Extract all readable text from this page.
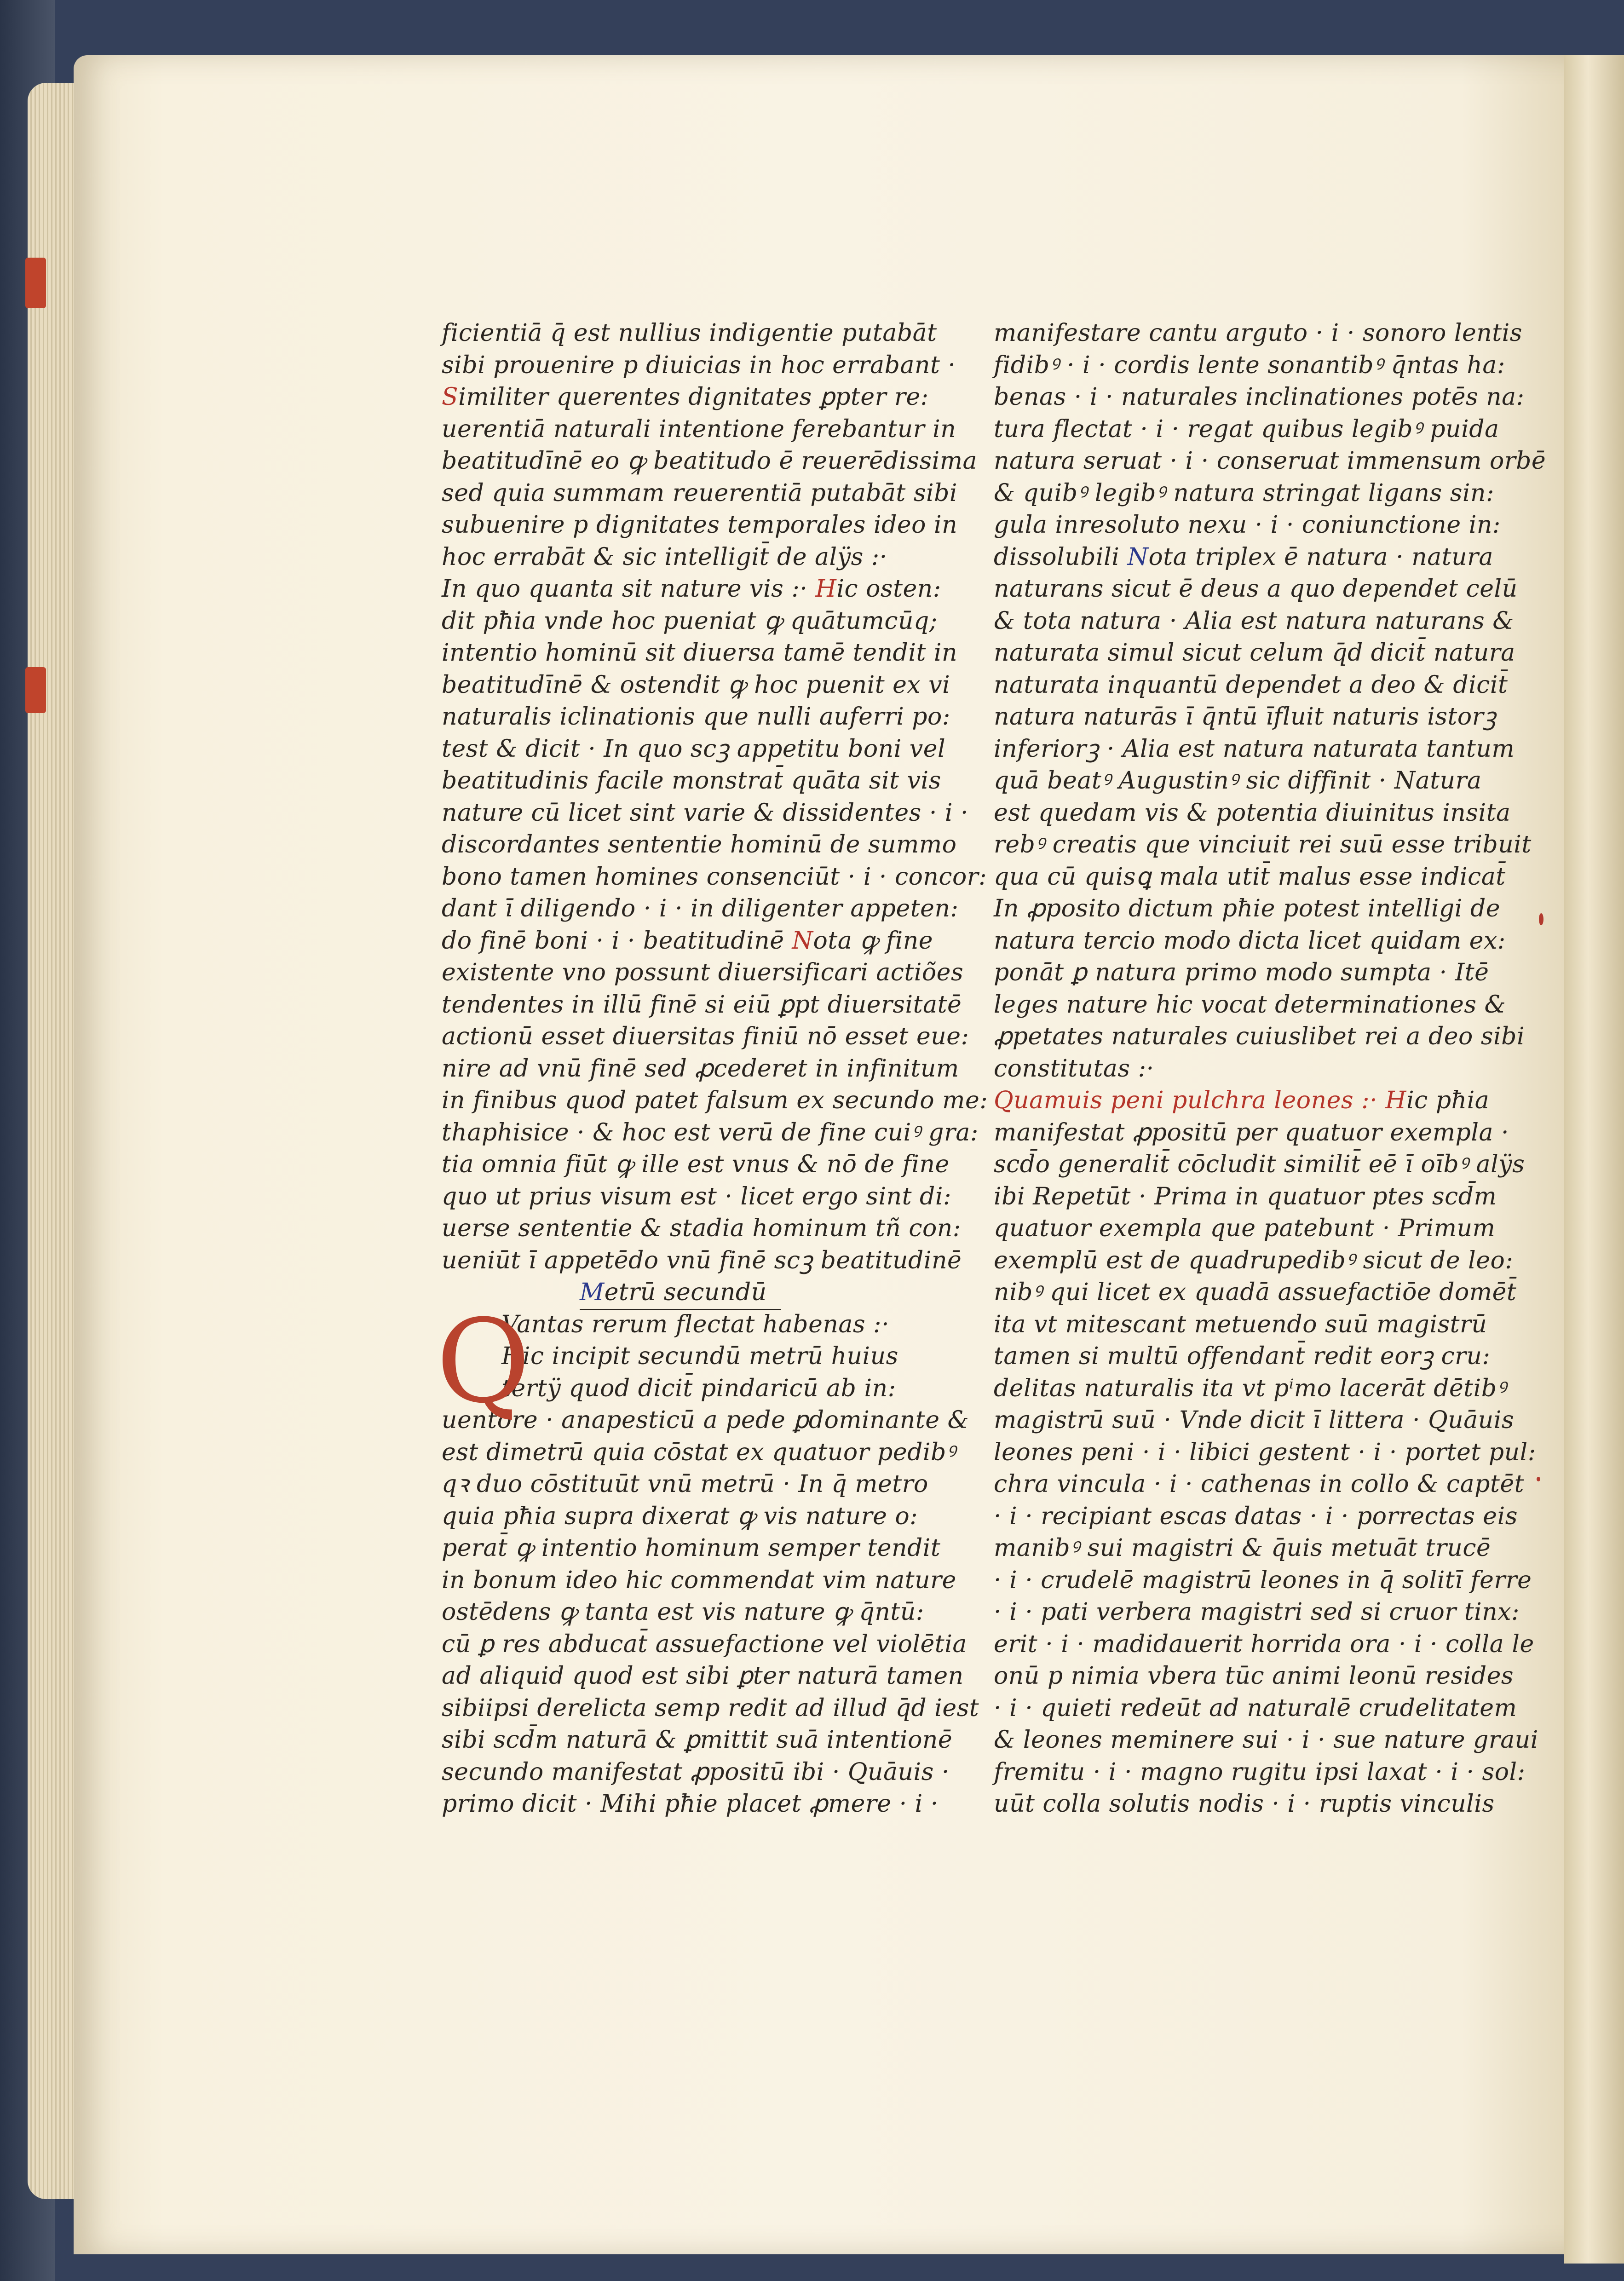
ficientiā q̄ est nullius indigentie putabāt
sibi prouenire p diuicias in hoc errabant ·
Similiter querentes dignitates ꝑpter re:
uerentiā naturali intentione ferebantur in
beatitudīnē eo ꝙ beatitudo ē reuerēdissima
sed quia summam reuerentiā putabāt sibi
subuenire p dignitates temporales ideo in
hoc errabāt & sic intelligit̄ de alÿs :·
In quo quanta sit nature vis :· Hic osten:
dit pħia vnde hoc pueniat ꝙ quātumcūq;
intentio hominū sit diuersa tamē tendit in
beatitudīnē & ostendit ꝙ hoc puenit ex vi
naturalis iclinationis que nulli auferri po:
test & dicit · In quo scꝫ appetitu boni vel
beatitudinis facile monstrat̄ quāta sit vis
nature cū licet sint varie & dissidentes · i ·
discordantes sententie hominū de summo
bono tamen homines consenciūt · i · concor:
dant ī diligendo · i · in diligenter appeten:
do finē boni · i · beatitudinē Nota ꝙ fine
existente vno possunt diuersificari actiões
tendentes in illū finē si eiū ꝑpt diuersitatē
actionū esset diuersitas finiū nō esset eue:
nire ad vnū finē sed ꝓcederet in infinitum
in finibus quod patet falsum ex secundo me:
thaphisice · & hoc est verū de fine cuiꝰ gra:
tia omnia fiūt ꝙ ille est vnus & nō de fine
quo ut prius visum est · licet ergo sint di:
uerse sententie & stadia hominum tñ con:
ueniūt ī appetēdo vnū finē scꝫ beatitudinē
Metrū secundū
Q
Vantas rerum flectat habenas :·
Hic incipit secundū metrū huius
tertÿ quod dicit̄ pindaricū ab in:
uentore · anapesticū a pede ꝑdominante &
est dimetrū quia cōstat ex quatuor pedibꝰ
qꝛ duo cōstituūt vnū metrū · In q̄ metro
quia pħia supra dixerat ꝙ vis nature o:
perat̄ ꝙ intentio hominum semper tendit
in bonum ideo hic commendat vim nature
ostēdens ꝙ tanta est vis nature ꝙ q̄ntū:
cū ꝑ res abducat̄ assuefactione vel violētia
ad aliquid quod est sibi ꝑter naturā tamen
sibiipsi derelicta semp redit ad illud q̄d iest
sibi scd̄m naturā & ꝑmittit suā intentionē
secundo manifestat ꝓpositū ibi · Quāuis ·
primo dicit · Mihi pħie placet ꝓmere · i ·
manifestare cantu arguto · i · sonoro lentis
fidibꝰ · i · cordis lente sonantibꝰ q̄ntas ha:
benas · i · naturales inclinationes potēs na:
tura flectat · i · regat quibus legibꝰ puida
natura seruat · i · conseruat immensum orbē
& quibꝰ legibꝰ natura stringat ligans sin:
gula inresoluto nexu · i · coniunctione in:
dissolubili Nota triplex ē natura · natura
naturans sicut ē deus a quo dependet celū
& tota natura · Alia est natura naturans &
naturata simul sicut celum q̄d dicit̄ natura
naturata inquantū dependet a deo & dicit̄
natura naturās ī q̄ntū īfluit naturis istorꝫ
inferiorꝫ · Alia est natura naturata tantum
quā beatꝰ Augustinꝰ sic diffinit · Natura
est quedam vis & potentia diuinitus insita
rebꝰ creatis que vinciuit rei suū esse tribuit
qua cū quisꝗ mala utit̄ malus esse indicat̄
In ꝓposito dictum pħie potest intelligi de
natura tercio modo dicta licet quidam ex:
ponāt ꝑ natura primo modo sumpta · Itē
leges nature hic vocat determinationes &
ꝓpetates naturales cuiuslibet rei a deo sibi
constitutas :·
Quamuis peni pulchra leones :· Hic pħia
manifestat ꝓpositū per quatuor exempla ·
scd̄o generalit̄ cōcludit similit̄ eē ī oībꝰ alÿs
ibi Repetūt · Prima in quatuor ptes scd̄m
quatuor exempla que patebunt · Primum
exemplū est de quadrupedibꝰ sicut de leo:
nibꝰ qui licet ex quadā assuefactiōe domēt̄
ita vt mitescant metuendo suū magistrū
tamen si multū offendant̄ redit eorꝫ cru:
delitas naturalis ita vt pⁱmo lacerāt dētibꝰ
magistrū suū · Vnde dicit ī littera · Quāuis
leones peni · i · libici gestent · i · portet pul:
chra vincula · i · cathenas in collo & captēt
· i · recipiant escas datas · i · porrectas eis
manibꝰ sui magistri & q̄uis metuāt trucē
· i · crudelē magistrū leones in q̄ solitī ferre
· i · pati verbera magistri sed si cruor tinx:
erit · i · madidauerit horrida ora · i · colla le
onū p nimia vbera tūc animi leonū resides
· i · quieti redeūt ad naturalē crudelitatem
& leones meminere sui · i · sue nature graui
fremitu · i · magno rugitu ipsi laxat · i · sol:
uūt colla solutis nodis · i · ruptis vinculis
